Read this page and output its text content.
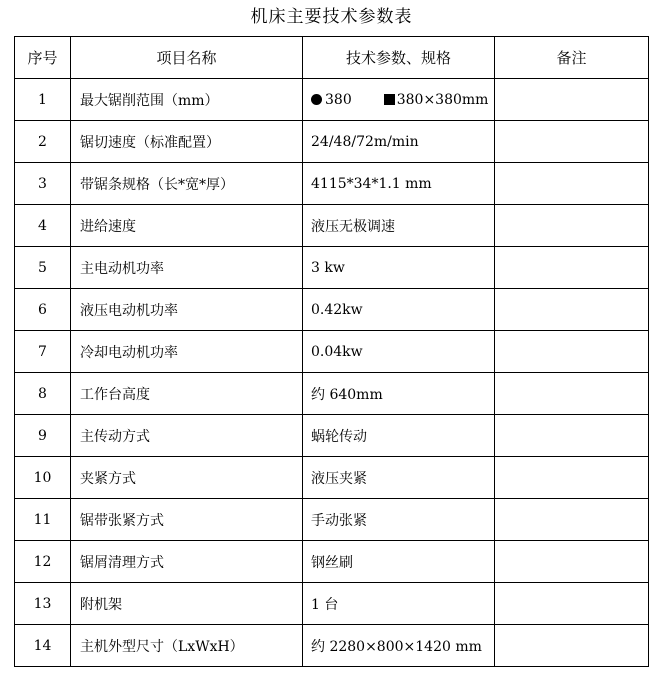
机床主要技术参数表
序号	项目名称	技术参数、规格	备注
1	最大锯削范围（mm）	380 380×380mm	
2	锯切速度（标准配置）	24/48/72m/min	
3	带锯条规格（长*宽*厚）	4115*34*1.1 mm	
4	进给速度	液压无极调速	
5	主电动机功率	3 kw	
6	液压电动机功率	0.42kw	
7	冷却电动机功率	0.04kw	
8	工作台高度	约 640mm	
9	主传动方式	蜗轮传动	
10	夹紧方式	液压夹紧	
11	锯带张紧方式	手动张紧	
12	锯屑清理方式	钢丝刷	
13	附机架	1 台	
14	主机外型尺寸（LxWxH）	约 2280×800×1420 mm	
